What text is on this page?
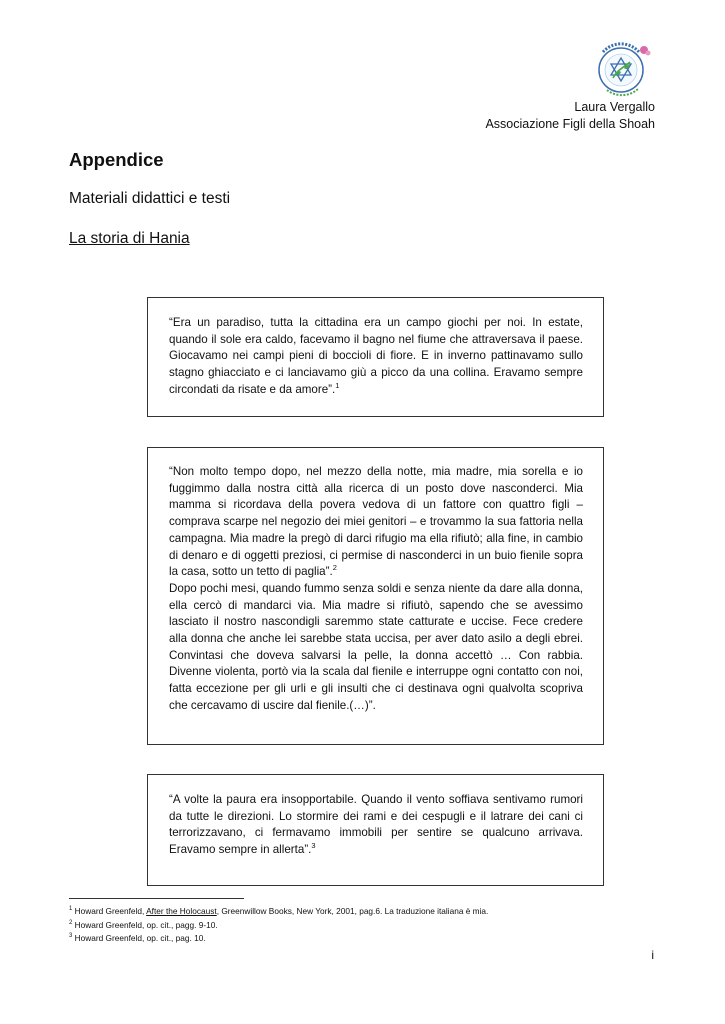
Laura Vergallo
Associazione Figli della Shoah
Appendice
Materiali didattici e testi
La storia di Hania

“Era un paradiso, tutta la cittadina era un campo giochi per noi. In estate, quando il sole era caldo, facevamo il bagno nel fiume che attraversava il paese. Giocavamo nei campi pieni di boccioli di fiore. E in inverno pattinavamo sullo stagno ghiacciato e ci lanciavamo giù a picco da una collina. Eravamo sempre circondati da risate e da amore”.$^1$

“Non molto tempo dopo, nel mezzo della notte, mia madre, mia sorella e io fuggimmo dalla nostra città alla ricerca di un posto dove nasconderci. Mia mamma si ricordava della povera vedova di un fattore con quattro figli – comprava scarpe nel negozio dei miei genitori – e trovammo la sua fattoria nella campagna. Mia madre la pregò di darci rifugio ma ella rifiutò; alla fine, in cambio di denaro e di oggetti preziosi, ci permise di nasconderci in un buio fienile sopra la casa, sotto un tetto di paglia”.$^2$

Dopo pochi mesi, quando fummo senza soldi e senza niente da dare alla donna, ella cercò di mandarci via. Mia madre si rifiutò, sapendo che se avessimo lasciato il nostro nascondigli saremmo state catturate e uccise. Fece credere alla donna che anche lei sarebbe stata uccisa, per aver dato asilo a degli ebrei. Convintasi che doveva salvarsi la pelle, la donna accettò … Con rabbia. Divenne violenta, portò via la scala dal fienile e interruppe ogni contatto con noi, fatta eccezione per gli urli e gli insulti che ci destinava ogni qualvolta scopriva che cercavamo di uscire dal fienile.(…)”.

“A volte la paura era insopportabile. Quando il vento soffiava sentivamo rumori da tutte le direzioni. Lo stormire dei rami e dei cespugli e il latrare dei cani ci terrorizzavano, ci fermavamo immobili per sentire se qualcuno arrivava. Eravamo sempre in allerta”.$^3$

$^1$ Howard Greenfeld, After the Holocaust, Greenwillow Books, New York, 2001, pag.6. La traduzione italiana è mia.
$^2$ Howard Greenfeld, op. cit., pagg. 9-10.
$^3$ Howard Greenfeld, op. cit., pag. 10.
i
